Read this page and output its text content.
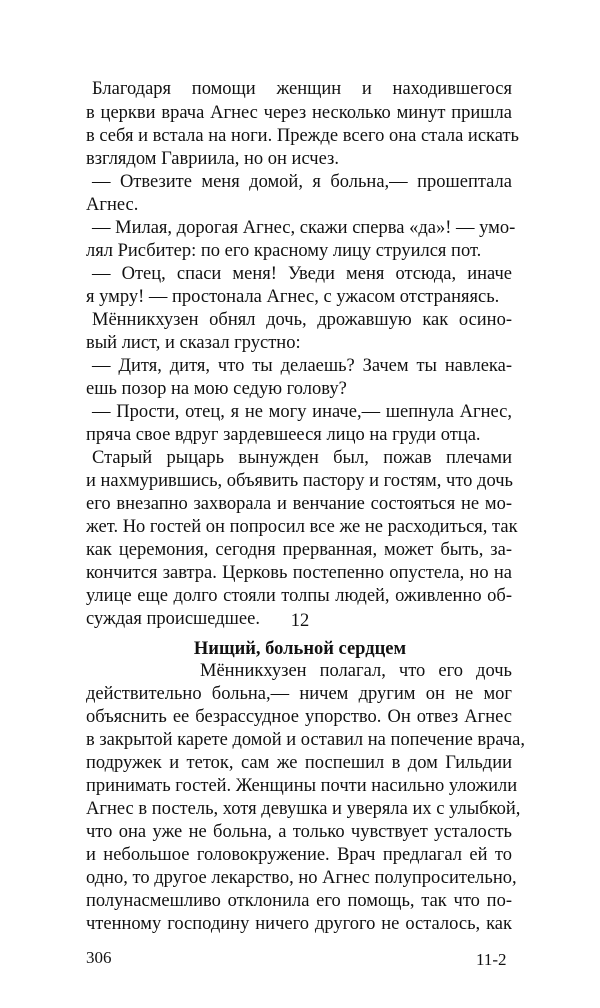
Благодаря помощи женщин и находившегося
в церкви врача Агнес через несколько минут пришла
в себя и встала на ноги. Прежде всего она стала искать
взглядом Гавриила, но он исчез.
— Отвезите меня домой, я больна,— прошептала
Агнес.
— Милая, дорогая Агнес, скажи сперва «да»! — умо-
лял Рисбитер: по его красному лицу струился пот.
— Отец, спаси меня! Уведи меня отсюда, иначе
я умру! — простонала Агнес, с ужасом отстраняясь.
Мённикхузен обнял дочь, дрожавшую как осино-
вый лист, и сказал грустно:
— Дитя, дитя, что ты делаешь? Зачем ты навлека-
ешь позор на мою седую голову?
— Прости, отец, я не могу иначе,— шепнула Агнес,
пряча свое вдруг зардевшееся лицо на груди отца.
Старый рыцарь вынужден был, пожав плечами
и нахмурившись, объявить пастору и гостям, что дочь
его внезапно захворала и венчание состояться не мо-
жет. Но гостей он попросил все же не расходиться, так
как церемония, сегодня прерванная, может быть, за-
кончится завтра. Церковь постепенно опустела, но на
улице еще долго стояли толпы людей, оживленно об-
суждая происшедшее.	12
Нищий, больной сердцем
Мённикхузен полагал, что его дочь
действительно больна,— ничем другим он не мог
объяснить ее безрассудное упорство. Он отвез Агнес
в закрытой карете домой и оставил на попечение врача,
подружек и теток, сам же поспешил в дом Гильдии
принимать гостей. Женщины почти насильно уложили
Агнес в постель, хотя девушка и уверяла их с улыбкой,
что она уже не больна, а только чувствует усталость
и небольшое головокружение. Врач предлагал ей то
одно, то другое лекарство, но Агнес полупросительно,
полунасмешливо отклонила его помощь, так что по-
чтенному господину ничего другого не осталось, как
306	11-2
